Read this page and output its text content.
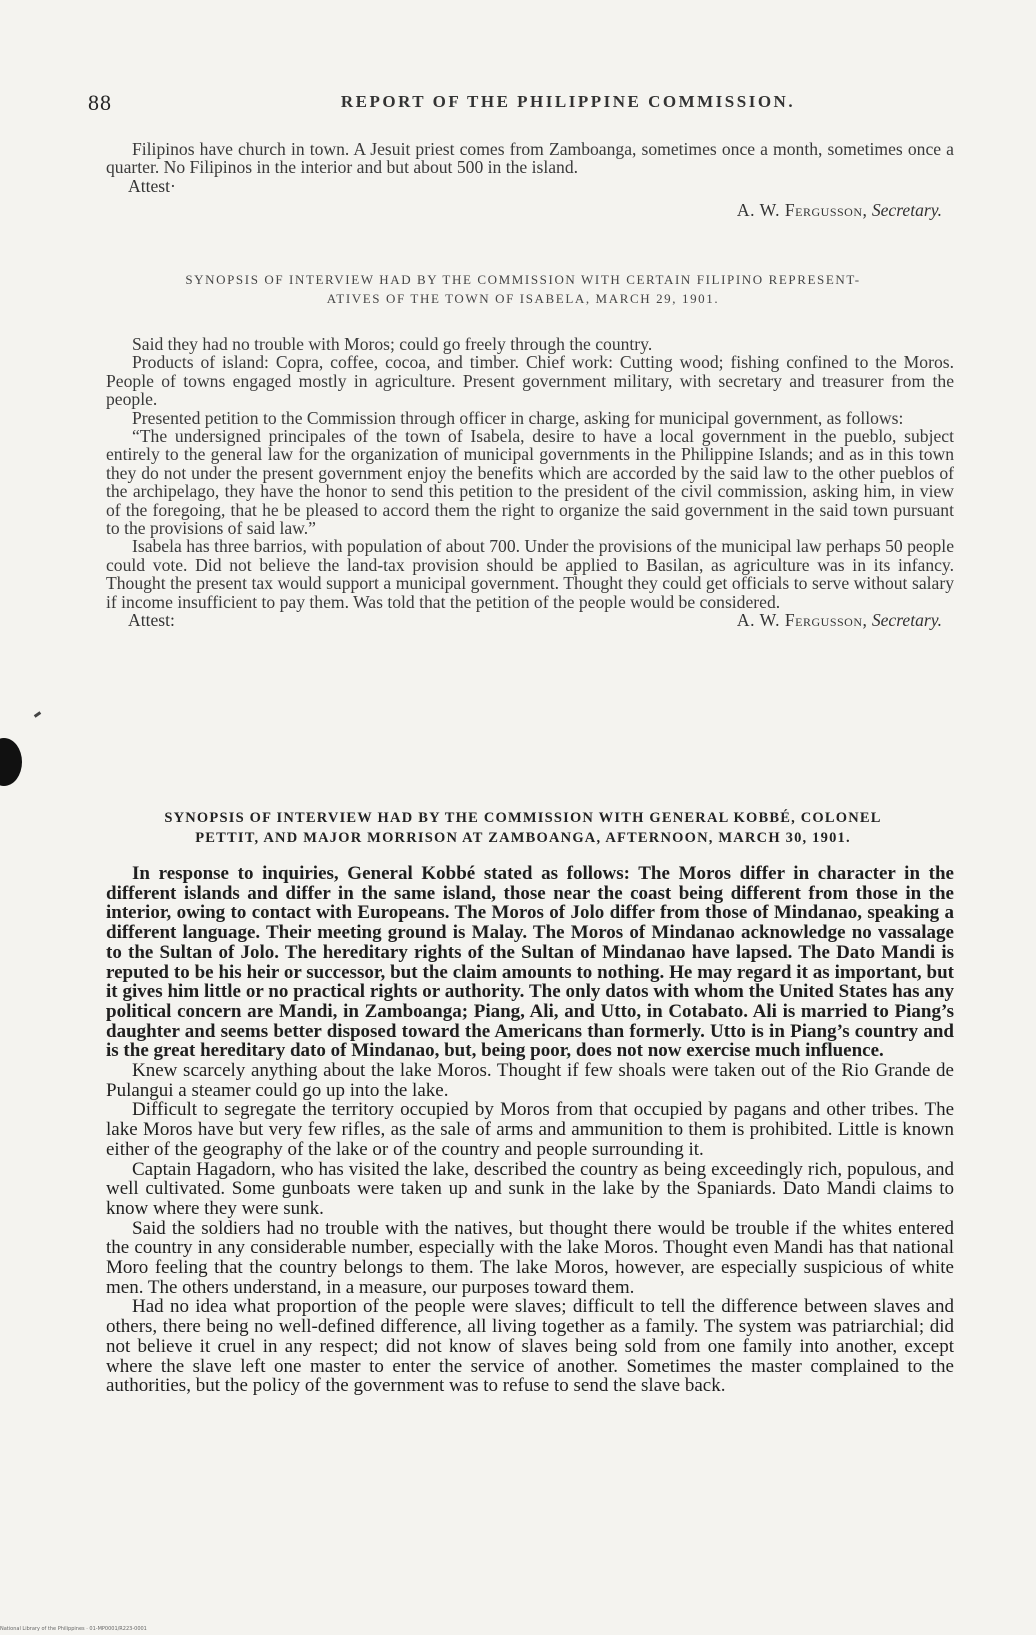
88	REPORT OF THE PHILIPPINE COMMISSION.

Filipinos have church in town. A Jesuit priest comes from Zamboanga, sometimes once a month, sometimes once a quarter. No Filipinos in the interior and but about 500 in the island.

Attest·
A. W. Fergusson, Secretary.

SYNOPSIS OF INTERVIEW HAD BY THE COMMISSION WITH CERTAIN FILIPINO REPRESENT-

ATIVES OF THE TOWN OF ISABELA, MARCH 29, 1901.

Said they had no trouble with Moros; could go freely through the country.

Products of island: Copra, coffee, cocoa, and timber. Chief work: Cutting wood; fishing confined to the Moros. People of towns engaged mostly in agriculture. Present government military, with secretary and treasurer from the people.

Presented petition to the Commission through officer in charge, asking for municipal government, as follows:

“The undersigned principales of the town of Isabela, desire to have a local government in the pueblo, subject entirely to the general law for the organization of municipal governments in the Philippine Islands; and as in this town they do not under the present government enjoy the benefits which are accorded by the said law to the other pueblos of the archipelago, they have the honor to send this petition to the president of the civil commission, asking him, in view of the foregoing, that he be pleased to accord them the right to organize the said government in the said town pursuant to the provisions of said law.”

Isabela has three barrios, with population of about 700. Under the provisions of the municipal law perhaps 50 people could vote. Did not believe the land-tax provision should be applied to Basilan, as agriculture was in its infancy. Thought the present tax would support a municipal government. Thought they could get officials to serve without salary if income insufficient to pay them. Was told that the petition of the people would be considered.

Attest:	A. W. Fergusson, Secretary.

SYNOPSIS OF INTERVIEW HAD BY THE COMMISSION WITH GENERAL KOBBÉ, COLONEL

PETTIT, AND MAJOR MORRISON AT ZAMBOANGA, AFTERNOON, MARCH 30, 1901.

In response to inquiries, General Kobbé stated as follows: The Moros differ in character in the different islands and differ in the same island, those near the coast being different from those in the interior, owing to contact with Europeans. The Moros of Jolo differ from those of Mindanao, speaking a different language. Their meeting ground is Malay. The Moros of Mindanao acknowledge no vassalage to the Sultan of Jolo. The hereditary rights of the Sultan of Mindanao have lapsed. The Dato Mandi is reputed to be his heir or successor, but the claim amounts to nothing. He may regard it as important, but it gives him little or no practical rights or authority. The only datos with whom the United States has any political concern are Mandi, in Zamboanga; Piang, Ali, and Utto, in Cotabato. Ali is married to Piang’s daughter and seems better disposed toward the Americans than formerly. Utto is in Piang’s country and is the great hereditary dato of Mindanao, but, being poor, does not now exercise much influence.

Knew scarcely anything about the lake Moros. Thought if few shoals were taken out of the Rio Grande de Pulangui a steamer could go up into the lake.

Difficult to segregate the territory occupied by Moros from that occupied by pagans and other tribes. The lake Moros have but very few rifles, as the sale of arms and ammunition to them is prohibited. Little is known either of the geography of the lake or of the country and people surrounding it.

Captain Hagadorn, who has visited the lake, described the country as being exceedingly rich, populous, and well cultivated. Some gunboats were taken up and sunk in the lake by the Spaniards. Dato Mandi claims to know where they were sunk.

Said the soldiers had no trouble with the natives, but thought there would be trouble if the whites entered the country in any considerable number, especially with the lake Moros. Thought even Mandi has that national Moro feeling that the country belongs to them. The lake Moros, however, are especially suspicious of white men. The others understand, in a measure, our purposes toward them.

Had no idea what proportion of the people were slaves; difficult to tell the difference between slaves and others, there being no well-defined difference, all living together as a family. The system was patriarchial; did not believe it cruel in any respect; did not know of slaves being sold from one family into another, except where the slave left one master to enter the service of another. Sometimes the master complained to the authorities, but the policy of the government was to refuse to send the slave back.

National Library of the Philippines · 01-MP0001/R223-0001
